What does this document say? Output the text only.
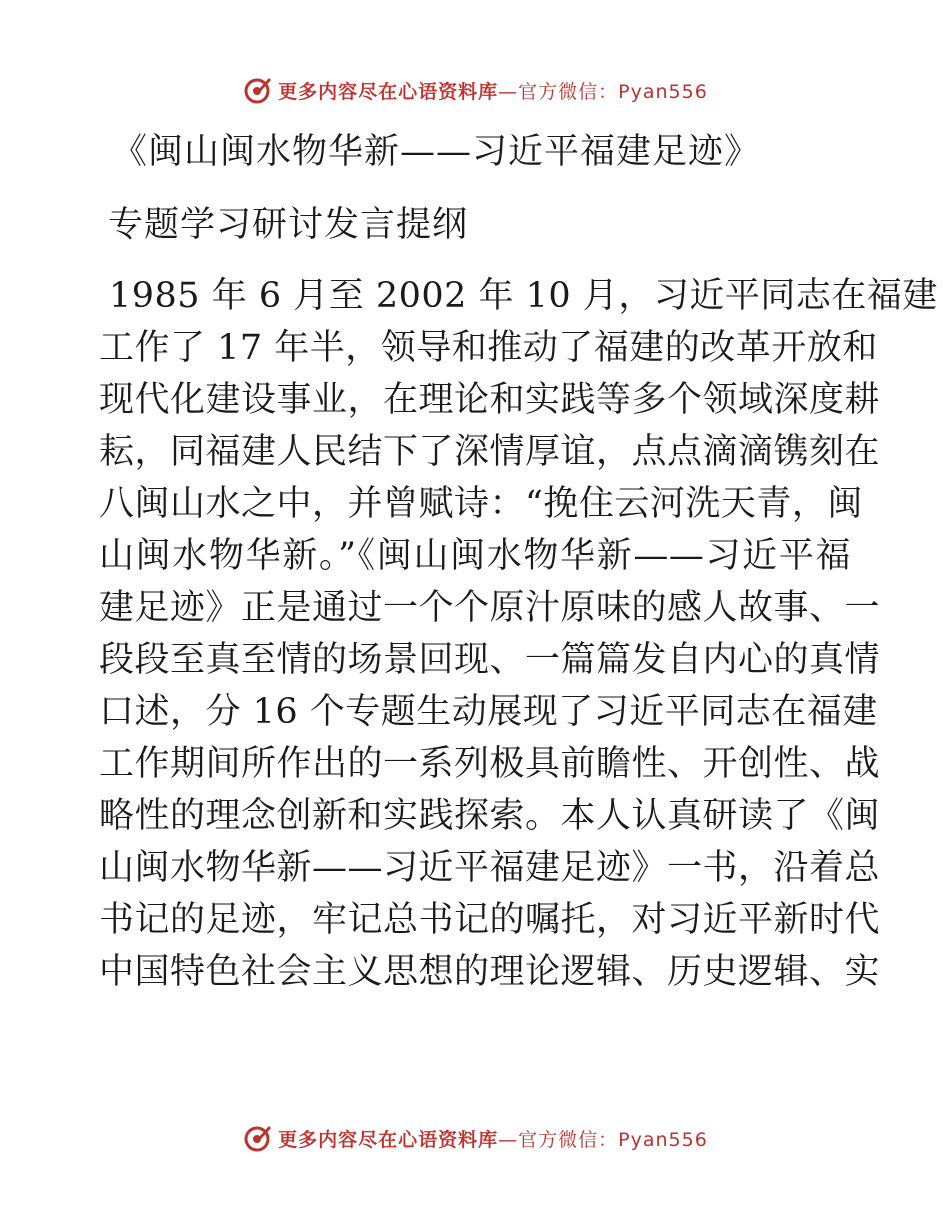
更多内容尽在心语资料库—官方微信：Pyan556
《闽山闽水物华新——习近平福建足迹》
专题学习研讨发言提纲
1985 年 6 月至 2002 年 10 月，习近平同志在福建
工作了 17 年半，领导和推动了福建的改革开放和
现代化建设事业，在理论和实践等多个领域深度耕
耘，同福建人民结下了深情厚谊，点点滴滴镌刻在
八闽山水之中，并曾赋诗：“挽住云河洗天青，闽
山闽水物华新。”《闽山闽水物华新——习近平福
建足迹》正是通过一个个原汁原味的感人故事、一
段段至真至情的场景回现、一篇篇发自内心的真情
口述，分 16 个专题生动展现了习近平同志在福建
工作期间所作出的一系列极具前瞻性、开创性、战
略性的理念创新和实践探索。本人认真研读了《闽
山闽水物华新——习近平福建足迹》一书，沿着总
书记的足迹，牢记总书记的嘱托，对习近平新时代
中国特色社会主义思想的理论逻辑、历史逻辑、实
更多内容尽在心语资料库—官方微信：Pyan556
